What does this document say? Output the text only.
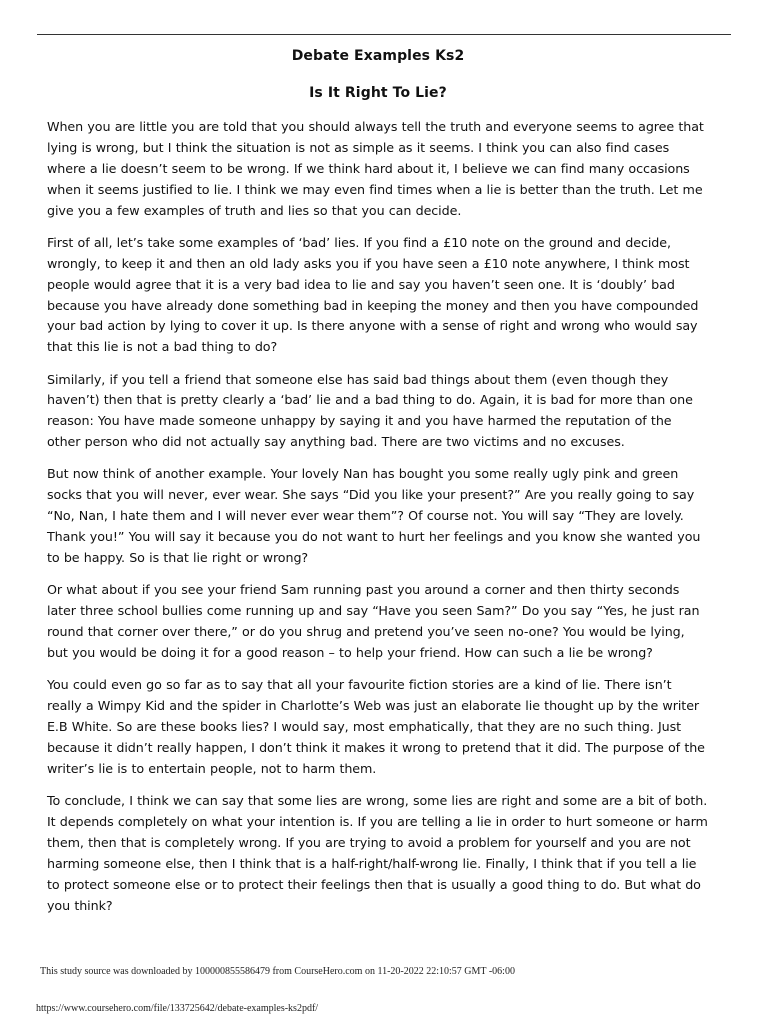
Debate Examples Ks2
Is It Right To Lie?

When you are little you are told that you should always tell the truth and everyone seems to agree that lying is wrong, but I think the situation is not as simple as it seems. I think you can also find cases where a lie doesn’t seem to be wrong. If we think hard about it, I believe we can find many occasions when it seems justified to lie. I think we may even find times when a lie is better than the truth. Let me give you a few examples of truth and lies so that you can decide.

First of all, let’s take some examples of ‘bad’ lies. If you find a £10 note on the ground and decide, wrongly, to keep it and then an old lady asks you if you have seen a £10 note anywhere, I think most people would agree that it is a very bad idea to lie and say you haven’t seen one. It is ‘doubly’ bad because you have already done something bad in keeping the money and then you have compounded your bad action by lying to cover it up. Is there anyone with a sense of right and wrong who would say that this lie is not a bad thing to do?

Similarly, if you tell a friend that someone else has said bad things about them (even though they haven’t) then that is pretty clearly a ‘bad’ lie and a bad thing to do. Again, it is bad for more than one reason: You have made someone unhappy by saying it and you have harmed the reputation of the other person who did not actually say anything bad. There are two victims and no excuses.

But now think of another example. Your lovely Nan has bought you some really ugly pink and green socks that you will never, ever wear. She says “Did you like your present?” Are you really going to say “No, Nan, I hate them and I will never ever wear them”? Of course not. You will say “They are lovely. Thank you!” You will say it because you do not want to hurt her feelings and you know she wanted you to be happy. So is that lie right or wrong?

Or what about if you see your friend Sam running past you around a corner and then thirty seconds later three school bullies come running up and say “Have you seen Sam?” Do you say “Yes, he just ran round that corner over there,” or do you shrug and pretend you’ve seen no-one? You would be lying, but you would be doing it for a good reason – to help your friend. How can such a lie be wrong?

You could even go so far as to say that all your favourite fiction stories are a kind of lie. There isn’t really a Wimpy Kid and the spider in Charlotte’s Web was just an elaborate lie thought up by the writer E.B White. So are these books lies? I would say, most emphatically, that they are no such thing. Just because it didn’t really happen, I don’t think it makes it wrong to pretend that it did. The purpose of the writer’s lie is to entertain people, not to harm them.

To conclude, I think we can say that some lies are wrong, some lies are right and some are a bit of both. It depends completely on what your intention is. If you are telling a lie in order to hurt someone or harm them, then that is completely wrong. If you are trying to avoid a problem for yourself and you are not harming someone else, then I think that is a half-right/half-wrong lie. Finally, I think that if you tell a lie to protect someone else or to protect their feelings then that is usually a good thing to do. But what do you think?

This study source was downloaded by 100000855586479 from CourseHero.com on 11-20-2022 22:10:57 GMT -06:00
https://www.coursehero.com/file/133725642/debate-examples-ks2pdf/
